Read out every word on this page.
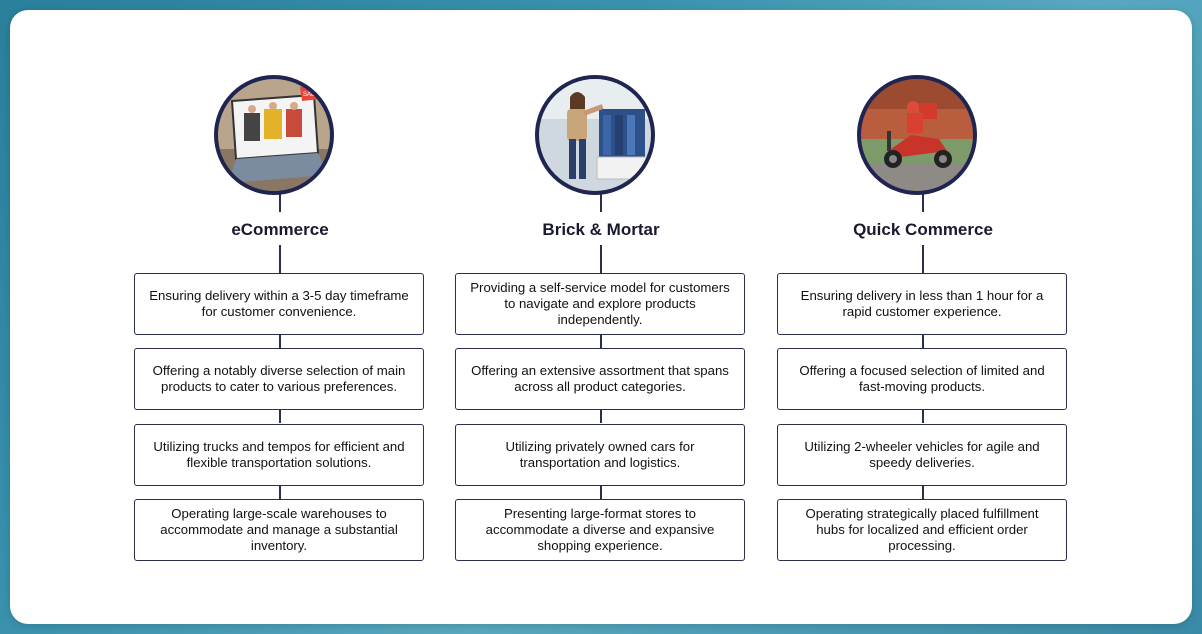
SALE
eCommerce
Ensuring delivery within a 3-5 day timeframe for customer convenience.
Offering a notably diverse selection of main products to cater to various preferences.
Utilizing trucks and tempos for efficient and flexible transportation solutions.
Operating large-scale warehouses to accommodate and manage a substantial inventory.
Brick & Mortar
Providing a self-service model for customers to navigate and explore products independently.
Offering an extensive assortment that spans across all product categories.
Utilizing privately owned cars for transportation and logistics.
Presenting large-format stores to accommodate a diverse and expansive shopping experience.
Quick Commerce
Ensuring delivery in less than 1 hour for a rapid customer experience.
Offering a focused selection of limited and fast-moving products.
Utilizing 2-wheeler vehicles for agile and speedy deliveries.
Operating strategically placed fulfillment hubs for localized and efficient order processing.
